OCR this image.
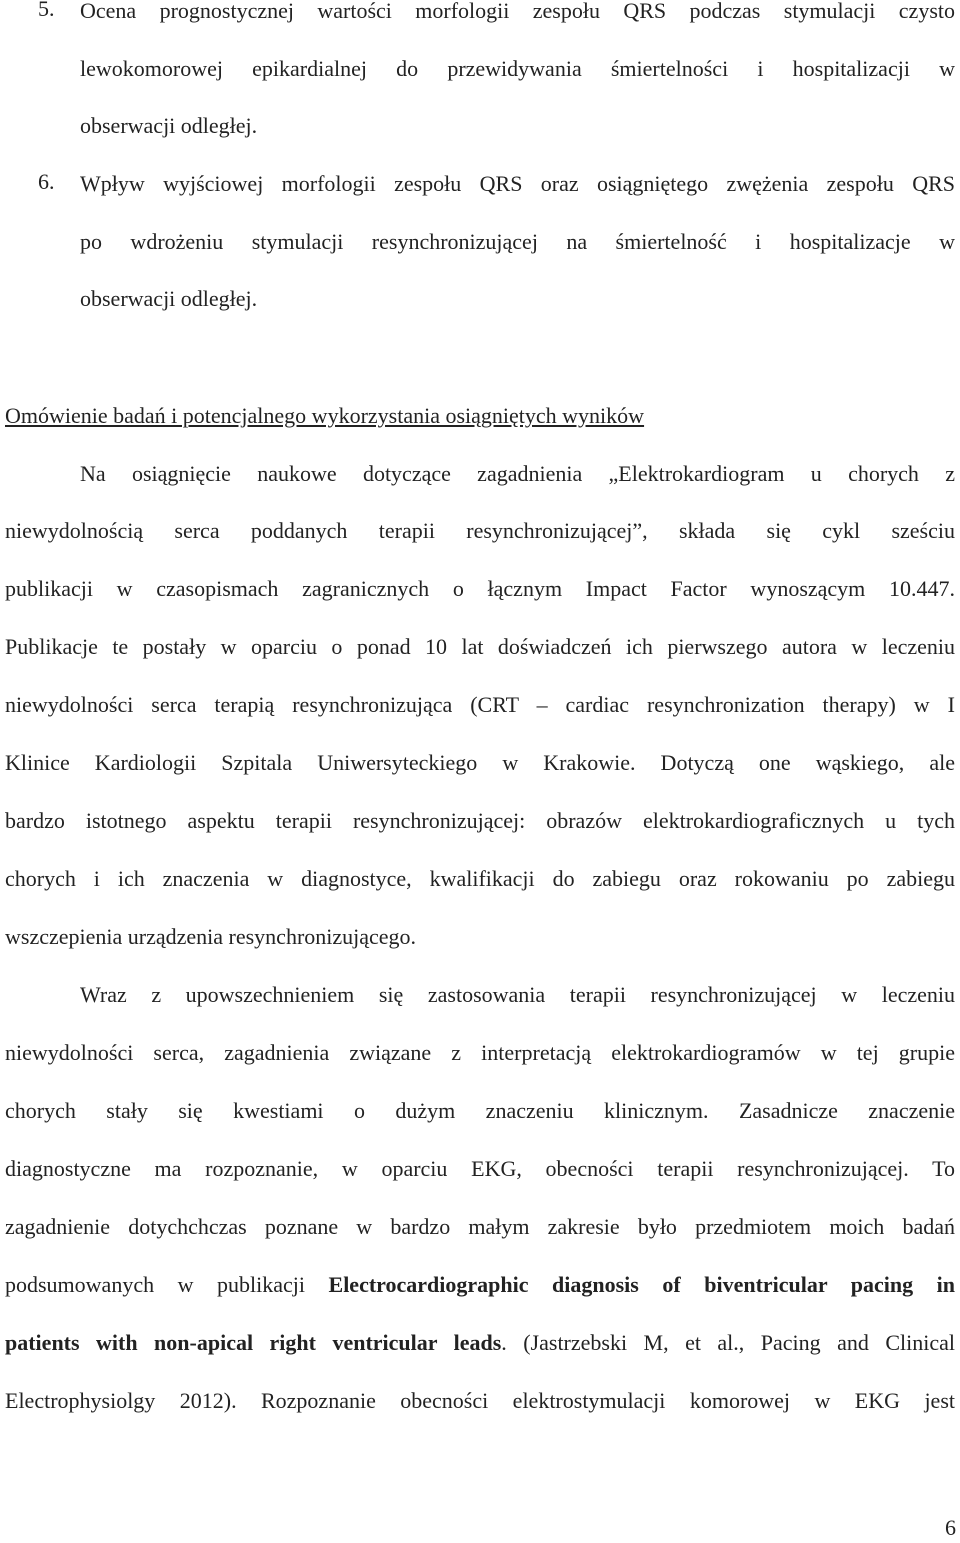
5. Ocena prognostycznej wartości morfologii zespołu QRS podczas stymulacji czysto
lewokomorowej epikardialnej do przewidywania śmiertelności i hospitalizacji w
obserwacji odległej.
6. Wpływ wyjściowej morfologii zespołu QRS oraz osiągniętego zwężenia zespołu QRS
po wdrożeniu stymulacji resynchronizującej na śmiertelność i hospitalizacje w
obserwacji odległej.
Omówienie badań i potencjalnego wykorzystania osiągniętych wyników
Na osiągnięcie naukowe dotyczące zagadnienia „Elektrokardiogram u chorych z
niewydolnością serca poddanych terapii resynchronizującej”, składa się cykl sześciu
publikacji w czasopismach zagranicznych o łącznym Impact Factor wynoszącym 10.447.
Publikacje te postały w oparciu o ponad 10 lat doświadczeń ich pierwszego autora w leczeniu
niewydolności serca terapią resynchronizująca (CRT – cardiac resynchronization therapy) w I
Klinice Kardiologii Szpitala Uniwersyteckiego w Krakowie. Dotyczą one wąskiego, ale
bardzo istotnego aspektu terapii resynchronizującej: obrazów elektrokardiograficznych u tych
chorych i ich znaczenia w diagnostyce, kwalifikacji do zabiegu oraz rokowaniu po zabiegu
wszczepienia urządzenia resynchronizującego.
Wraz z upowszechnieniem się zastosowania terapii resynchronizującej w leczeniu
niewydolności serca, zagadnienia związane z interpretacją elektrokardiogramów w tej grupie
chorych stały się kwestiami o dużym znaczeniu klinicznym. Zasadnicze znaczenie
diagnostyczne ma rozpoznanie, w oparciu EKG, obecności terapii resynchronizującej. To
zagadnienie dotychchczas poznane w bardzo małym zakresie było przedmiotem moich badań
podsumowanych w publikacji Electrocardiographic diagnosis of biventricular pacing in
patients with non-apical right ventricular leads. (Jastrzebski M, et al., Pacing and Clinical
Electrophysiolgy 2012). Rozpoznanie obecności elektrostymulacji komorowej w EKG jest
6
